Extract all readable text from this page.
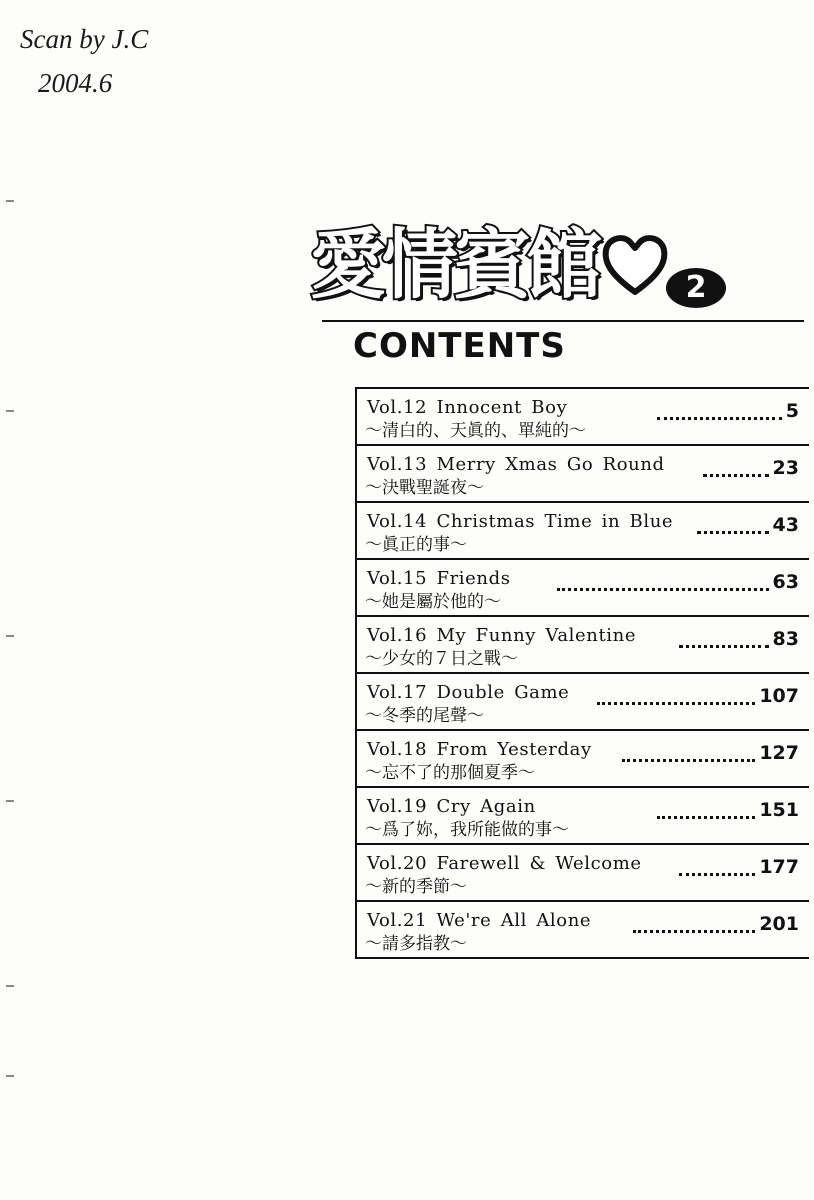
Scan by J.C
2004.6
愛情賓館	2
CONTENTS
Vol.12 Innocent Boy
～清白的、天眞的、單純的～
5
Vol.13 Merry Xmas Go Round
～決戰聖誕夜～
23
Vol.14 Christmas Time in Blue
～眞正的事～
43
Vol.15 Friends
～她是屬於他的～
63
Vol.16 My Funny Valentine
～少女的７日之戰～
83
Vol.17 Double Game
～冬季的尾聲～
107
Vol.18 From Yesterday
～忘不了的那個夏季～
127
Vol.19 Cry Again
～爲了妳，我所能做的事～
151
Vol.20 Farewell & Welcome
～新的季節～
177
Vol.21 We're All Alone
～請多指教～
201
